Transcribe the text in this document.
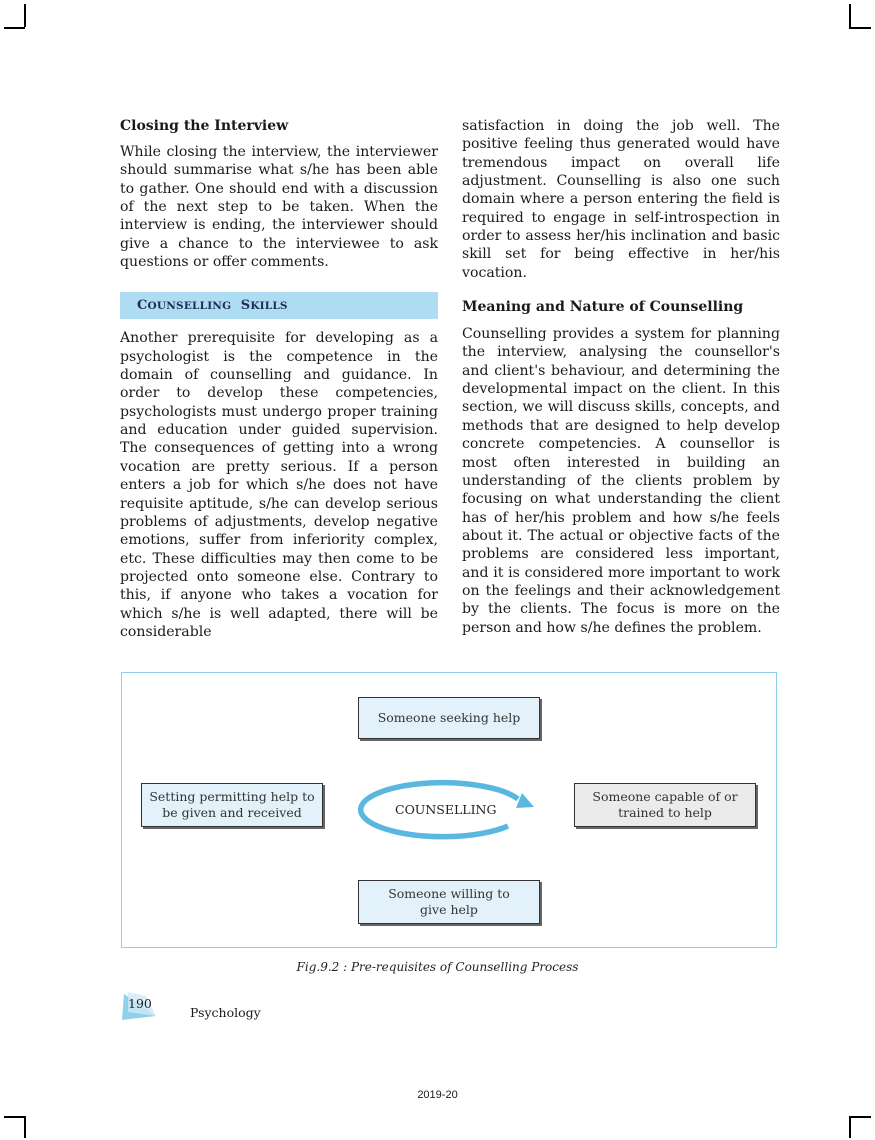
Closing the Interview

While closing the interview, the interviewer should summarise what s/he has been able to gather. One should end with a discussion of the next step to be taken. When the interview is ending, the interviewer should give a chance to the interviewee to ask questions or offer comments.

COUNSELLING SKILLS

Another prerequisite for developing as a psychologist is the competence in the domain of counselling and guidance. In order to develop these competencies, psychologists must undergo proper training and education under guided supervision. The consequences of getting into a wrong vocation are pretty serious. If a person enters a job for which s/he does not have requisite aptitude, s/he can develop serious problems of adjustments, develop negative emotions, suffer from inferiority complex, etc. These difficulties may then come to be projected onto someone else. Contrary to this, if anyone who takes a vocation for which s/he is well adapted, there will be considerable

satisfaction in doing the job well. The positive feeling thus generated would have tremendous impact on overall life adjustment. Counselling is also one such domain where a person entering the field is required to engage in self-introspection in order to assess her/his inclination and basic skill set for being effective in her/his vocation.

Meaning and Nature of Counselling

Counselling provides a system for planning the interview, analysing the counsellor's and client's behaviour, and determining the developmental impact on the client. In this section, we will discuss skills, concepts, and methods that are designed to help develop concrete competencies. A counsellor is most often interested in building an understanding of the clients problem by focusing on what understanding the client has of her/his problem and how s/he feels about it. The actual or objective facts of the problems are considered less important, and it is considered more important to work on the feelings and their acknowledgement by the clients. The focus is more on the person and how s/he defines the problem.

Someone seeking help
Setting permitting help to be given and received
Someone capable of or trained to help
Someone willing to give help
COUNSELLING
Fig.9.2 : Pre-requisites of Counselling Process
190
Psychology
2019-20
